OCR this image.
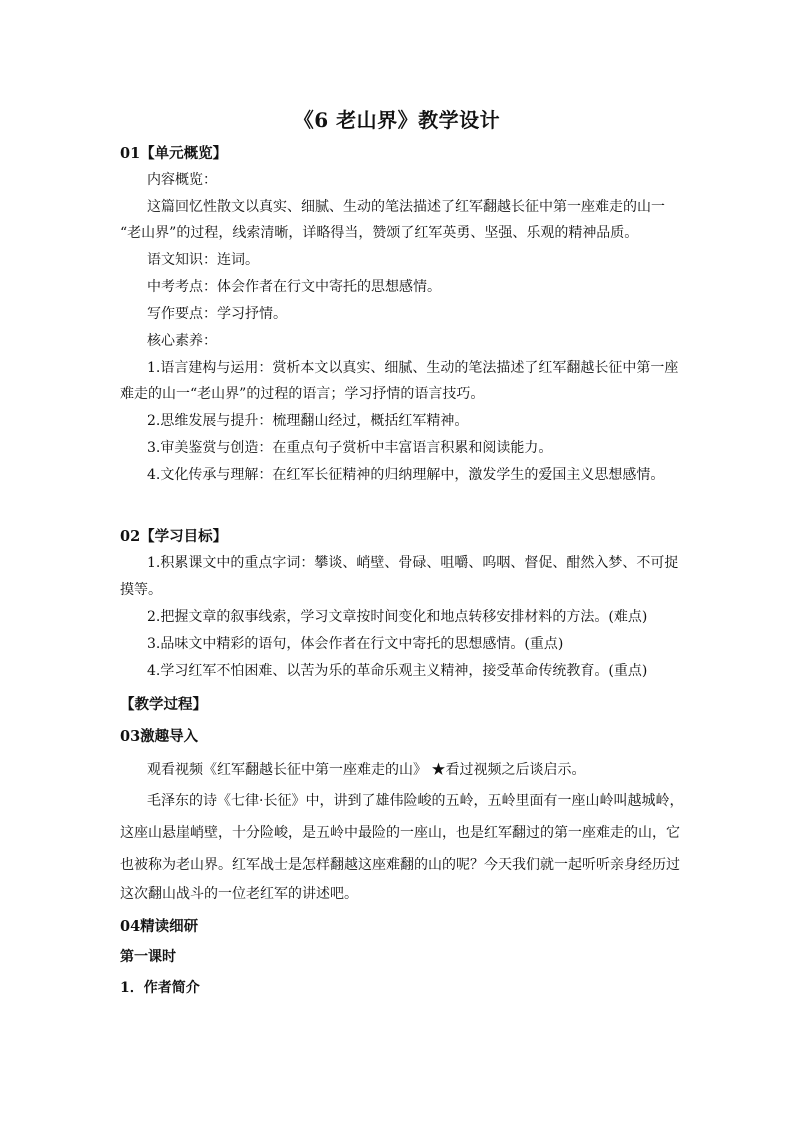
《6 老山界》教学设计
01【单元概览】
内容概览：
这篇回忆性散文以真实、细腻、生动的笔法描述了红军翻越长征中第一座难走的山一
“老山界”的过程，线索清晰，详略得当，赞颂了红军英勇、坚强、乐观的精神品质。
语文知识：连词。
中考考点：体会作者在行文中寄托的思想感情。
写作要点：学习抒情。
核心素养：
1.语言建构与运用：赏析本文以真实、细腻、生动的笔法描述了红军翻越长征中第一座
难走的山一“老山界”的过程的语言；学习抒情的语言技巧。
2.思维发展与提升：梳理翻山经过，概括红军精神。
3.审美鉴赏与创造：在重点句子赏析中丰富语言积累和阅读能力。
4.文化传承与理解：在红军长征精神的归纳理解中，激发学生的爱国主义思想感情。
02【学习目标】
1.积累课文中的重点字词：攀谈、峭壁、骨碌、咀嚼、呜咽、督促、酣然入梦、不可捉
摸等。
2.把握文章的叙事线索，学习文章按时间变化和地点转移安排材料的方法。(难点)
3.品味文中精彩的语句，体会作者在行文中寄托的思想感情。(重点)
4.学习红军不怕困难、以苦为乐的革命乐观主义精神，接受革命传统教育。(重点)
【教学过程】
03激趣导入
观看视频《红军翻越长征中第一座难走的山》 ★看过视频之后谈启示。
毛泽东的诗《七律·长征》中，讲到了雄伟险峻的五岭，五岭里面有一座山岭叫越城岭，
这座山悬崖峭壁，十分险峻，是五岭中最险的一座山，也是红军翻过的第一座难走的山，它
也被称为老山界。红军战士是怎样翻越这座难翻的山的呢？今天我们就一起听听亲身经历过
这次翻山战斗的一位老红军的讲述吧。
04精读细研
第一课时
1．作者简介
